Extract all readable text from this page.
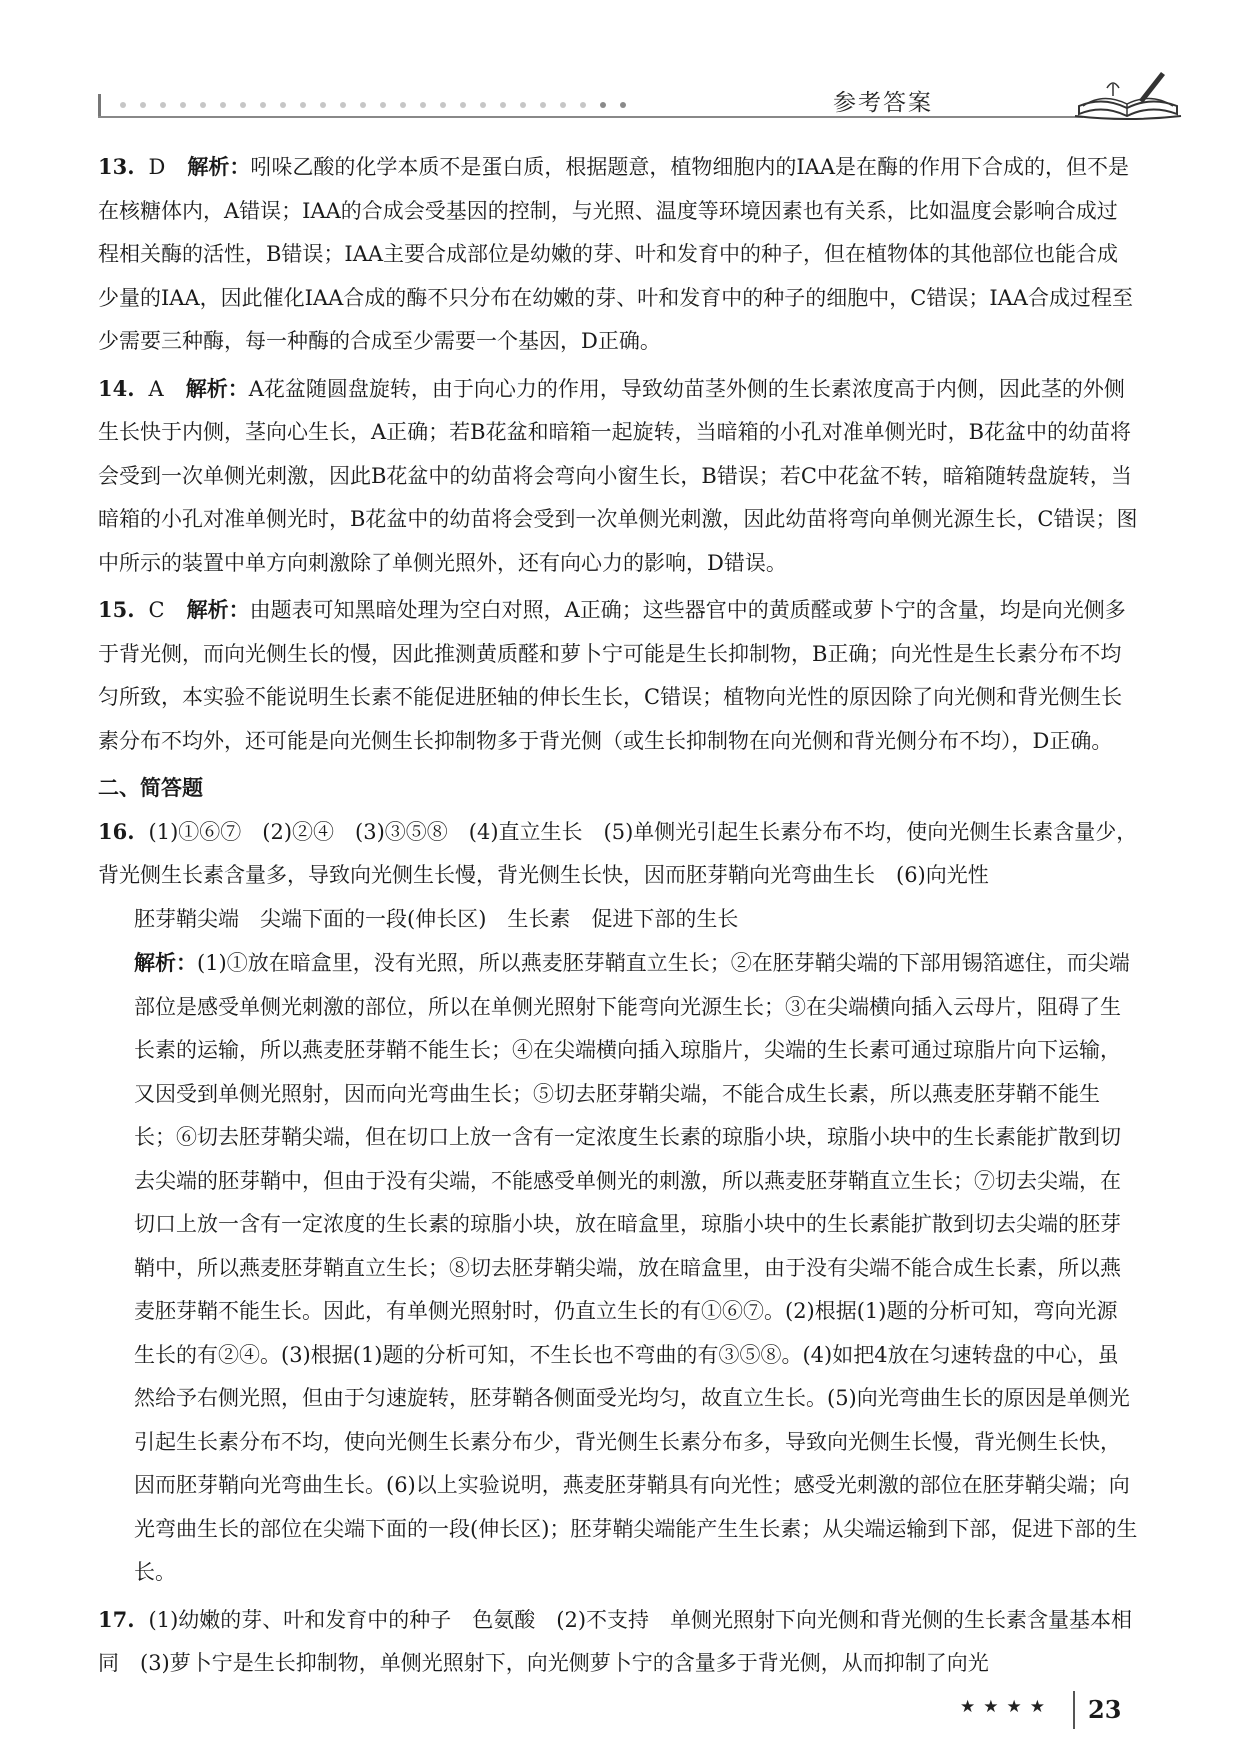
参考答案

13. D 解析：吲哚乙酸的化学本质不是蛋白质，根据题意，植物细胞内的IAA是在酶的作用下合成的，但不是在核糖体内，A错误；IAA的合成会受基因的控制，与光照、温度等环境因素也有关系，比如温度会影响合成过程相关酶的活性，B错误；IAA主要合成部位是幼嫩的芽、叶和发育中的种子，但在植物体的其他部位也能合成少量的IAA，因此催化IAA合成的酶不只分布在幼嫩的芽、叶和发育中的种子的细胞中，C错误；IAA合成过程至少需要三种酶，每一种酶的合成至少需要一个基因，D正确。

14. A 解析：A花盆随圆盘旋转，由于向心力的作用，导致幼苗茎外侧的生长素浓度高于内侧，因此茎的外侧生长快于内侧，茎向心生长，A正确；若B花盆和暗箱一起旋转，当暗箱的小孔对准单侧光时，B花盆中的幼苗将会受到一次单侧光刺激，因此B花盆中的幼苗将会弯向小窗生长，B错误；若C中花盆不转，暗箱随转盘旋转，当暗箱的小孔对准单侧光时，B花盆中的幼苗将会受到一次单侧光刺激，因此幼苗将弯向单侧光源生长，C错误；图中所示的装置中单方向刺激除了单侧光照外，还有向心力的影响，D错误。

15. C 解析：由题表可知黑暗处理为空白对照，A正确；这些器官中的黄质醛或萝卜宁的含量，均是向光侧多于背光侧，而向光侧生长的慢，因此推测黄质醛和萝卜宁可能是生长抑制物，B正确；向光性是生长素分布不均匀所致，本实验不能说明生长素不能促进胚轴的伸长生长，C错误；植物向光性的原因除了向光侧和背光侧生长素分布不均外，还可能是向光侧生长抑制物多于背光侧（或生长抑制物在向光侧和背光侧分布不均），D正确。

二、简答题

16. (1)①⑥⑦　(2)②④　(3)③⑤⑧　(4)直立生长　(5)单侧光引起生长素分布不均，使向光侧生长素含量少，背光侧生长素含量多，导致向光侧生长慢，背光侧生长快，因而胚芽鞘向光弯曲生长　(6)向光性
胚芽鞘尖端　尖端下面的一段(伸长区)　生长素　促进下部的生长
解析：(1)①放在暗盒里，没有光照，所以燕麦胚芽鞘直立生长；②在胚芽鞘尖端的下部用锡箔遮住，而尖端部位是感受单侧光刺激的部位，所以在单侧光照射下能弯向光源生长；③在尖端横向插入云母片，阻碍了生长素的运输，所以燕麦胚芽鞘不能生长；④在尖端横向插入琼脂片，尖端的生长素可通过琼脂片向下运输，又因受到单侧光照射，因而向光弯曲生长；⑤切去胚芽鞘尖端，不能合成生长素，所以燕麦胚芽鞘不能生长；⑥切去胚芽鞘尖端，但在切口上放一含有一定浓度生长素的琼脂小块，琼脂小块中的生长素能扩散到切去尖端的胚芽鞘中，但由于没有尖端，不能感受单侧光的刺激，所以燕麦胚芽鞘直立生长；⑦切去尖端，在切口上放一含有一定浓度的生长素的琼脂小块，放在暗盒里，琼脂小块中的生长素能扩散到切去尖端的胚芽鞘中，所以燕麦胚芽鞘直立生长；⑧切去胚芽鞘尖端，放在暗盒里，由于没有尖端不能合成生长素，所以燕麦胚芽鞘不能生长。因此，有单侧光照射时，仍直立生长的有①⑥⑦。(2)根据(1)题的分析可知，弯向光源生长的有②④。(3)根据(1)题的分析可知，不生长也不弯曲的有③⑤⑧。(4)如把4放在匀速转盘的中心，虽然给予右侧光照，但由于匀速旋转，胚芽鞘各侧面受光均匀，故直立生长。(5)向光弯曲生长的原因是单侧光引起生长素分布不均，使向光侧生长素分布少，背光侧生长素分布多，导致向光侧生长慢，背光侧生长快，因而胚芽鞘向光弯曲生长。(6)以上实验说明，燕麦胚芽鞘具有向光性；感受光刺激的部位在胚芽鞘尖端；向光弯曲生长的部位在尖端下面的一段(伸长区)；胚芽鞘尖端能产生生长素；从尖端运输到下部，促进下部的生长。

17. (1)幼嫩的芽、叶和发育中的种子　色氨酸　(2)不支持　单侧光照射下向光侧和背光侧的生长素含量基本相同　(3)萝卜宁是生长抑制物，单侧光照射下，向光侧萝卜宁的含量多于背光侧，从而抑制了向光

★★★★ 23
